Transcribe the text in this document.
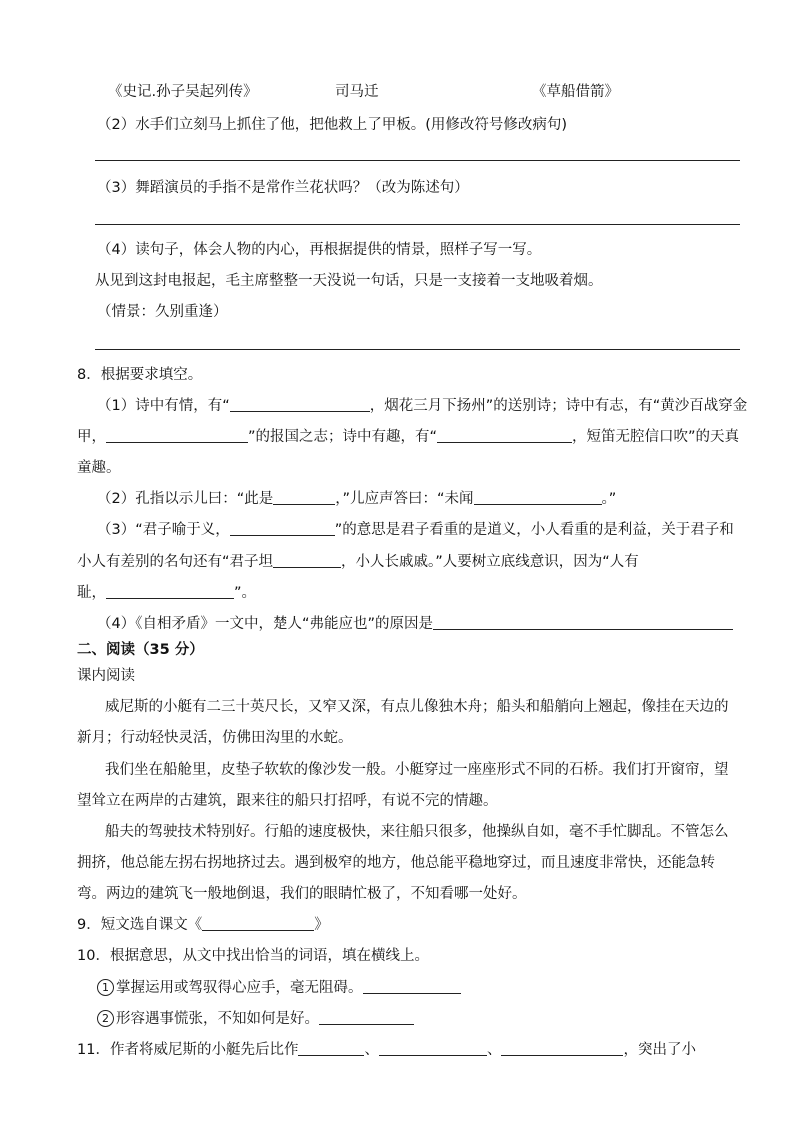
《史记.孙子吴起列传》	司马迁	《草船借箭》
（2）水手们立刻马上抓住了他，把他救上了甲板。(用修改符号修改病句)
（3）舞蹈演员的手指不是常作兰花状吗？（改为陈述句）
（4）读句子，体会人物的内心，再根据提供的情景，照样子写一写。
从见到这封电报起，毛主席整整一天没说一句话，只是一支接着一支地吸着烟。
（情景：久别重逢）
8．根据要求填空。
（1）诗中有情，有“	，烟花三月下扬州”的送别诗；诗中有志，有“黄沙百战穿金
甲，	”的报国之志；诗中有趣，有“	，短笛无腔信口吹”的天真
童趣。
（2）孔指以示儿曰：“此是	，”儿应声答曰：“未闻	。”
（3）“君子喻于义，	”的意思是君子看重的是道义，小人看重的是利益，关于君子和
小人有差别的名句还有“君子坦	，小人长戚戚。”人要树立底线意识，因为“人有
耻，	”。
（4）《自相矛盾》一文中，楚人“弗能应也”的原因是
二、阅读（35 分）
课内阅读
威尼斯的小艇有二三十英尺长，又窄又深，有点儿像独木舟；船头和船艄向上翘起，像挂在天边的
新月；行动轻快灵活，仿佛田沟里的水蛇。
我们坐在船舱里，皮垫子软软的像沙发一般。小艇穿过一座座形式不同的石桥。我们打开窗帘，望
望耸立在两岸的古建筑，跟来往的船只打招呼，有说不完的情趣。
船夫的驾驶技术特别好。行船的速度极快，来往船只很多，他操纵自如，毫不手忙脚乱。不管怎么
拥挤，他总能左拐右拐地挤过去。遇到极窄的地方，他总能平稳地穿过，而且速度非常快，还能急转
弯。两边的建筑飞一般地倒退，我们的眼睛忙极了，不知看哪一处好。
9．短文选自课文《	》
10．根据意思，从文中找出恰当的词语，填在横线上。
1 掌握运用或驾驭得心应手，毫无阻碍。
2 形容遇事慌张，不知如何是好。
11．作者将威尼斯的小艇先后比作	、	、	，突出了小
